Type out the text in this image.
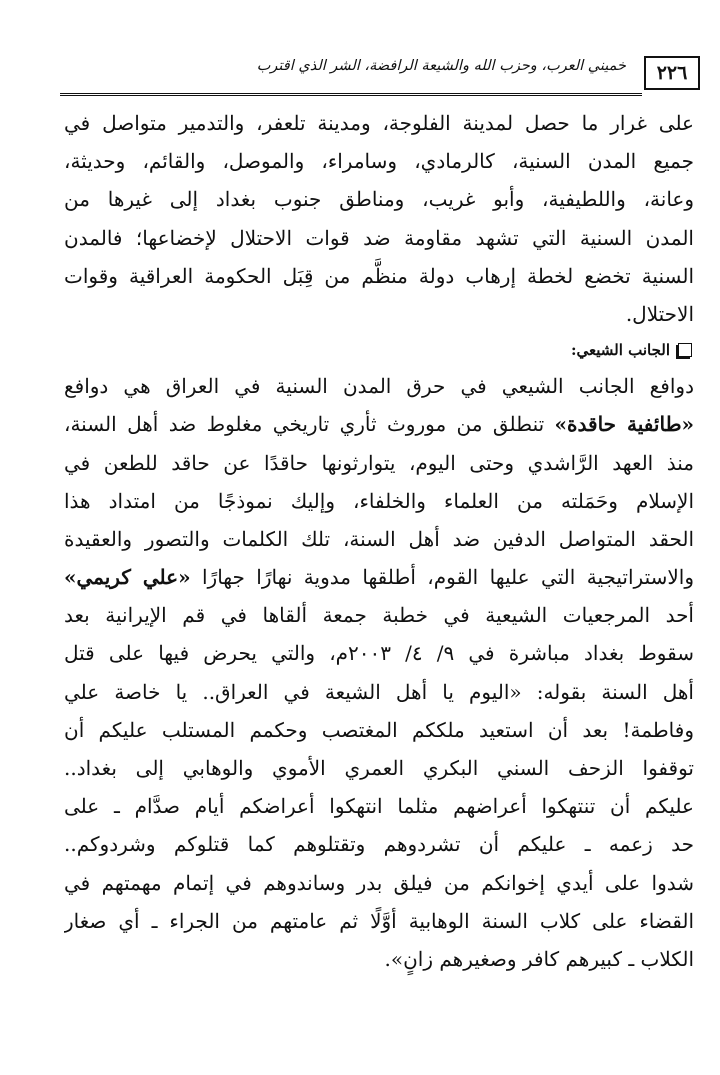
٢٢٦
خميني العرب، وحزب الله والشيعة الرافضة، الشر الذي اقترب
على غرار ما حصل لمدينة الفلوجة، ومدينة تلعفر، والتدمير متواصل في
جميع المدن السنية، كالرمادي، وسامراء، والموصل، والقائم، وحديثة،
وعانة، واللطيفية، وأبو غريب، ومناطق جنوب بغداد إلى غيرها من
المدن السنية التي تشهد مقاومة ضد قوات الاحتلال لإخضاعها؛ فالمدن
السنية تخضع لخطة إرهاب دولة منظَّم من قِبَل الحكومة العراقية وقوات
الاحتلال.
الجانب الشيعي:
دوافع الجانب الشيعي في حرق المدن السنية في العراق هي دوافع
«طائفية حاقدة» تنطلق من موروث ثأري تاريخي مغلوط ضد أهل السنة،
منذ العهد الرَّاشدي وحتى اليوم، يتوارثونها حاقدًا عن حاقد للطعن في
الإسلام وحَمَلته من العلماء والخلفاء، وإليك نموذجًا من امتداد هذا
الحقد المتواصل الدفين ضد أهل السنة، تلك الكلمات والتصور والعقيدة
والاستراتيجية التي عليها القوم، أطلقها مدوية نهارًا جهارًا «علي كريمي»
أحد المرجعيات الشيعية في خطبة جمعة ألقاها في قم الإيرانية بعد
سقوط بغداد مباشرة في ٩/ ٤/ ٢٠٠٣م، والتي يحرض فيها على قتل
أهل السنة بقوله: «اليوم يا أهل الشيعة في العراق.. يا خاصة علي
وفاطمة! بعد أن استعيد ملككم المغتصب وحكمم المستلب عليكم أن
توقفوا الزحف السني البكري العمري الأموي والوهابي إلى بغداد..
عليكم أن تنتهكوا أعراضهم مثلما انتهكوا أعراضكم أيام صدَّام ـ على
حد زعمه ـ عليكم أن تشردوهم وتقتلوهم كما قتلوكم وشردوكم..
شدوا على أيدي إخوانكم من فيلق بدر وساندوهم في إتمام مهمتهم في
القضاء على كلاب السنة الوهابية أوَّلًا ثم عامتهم من الجراء ـ أي صغار
الكلاب ـ كبيرهم كافر وصغيرهم زانٍ».
